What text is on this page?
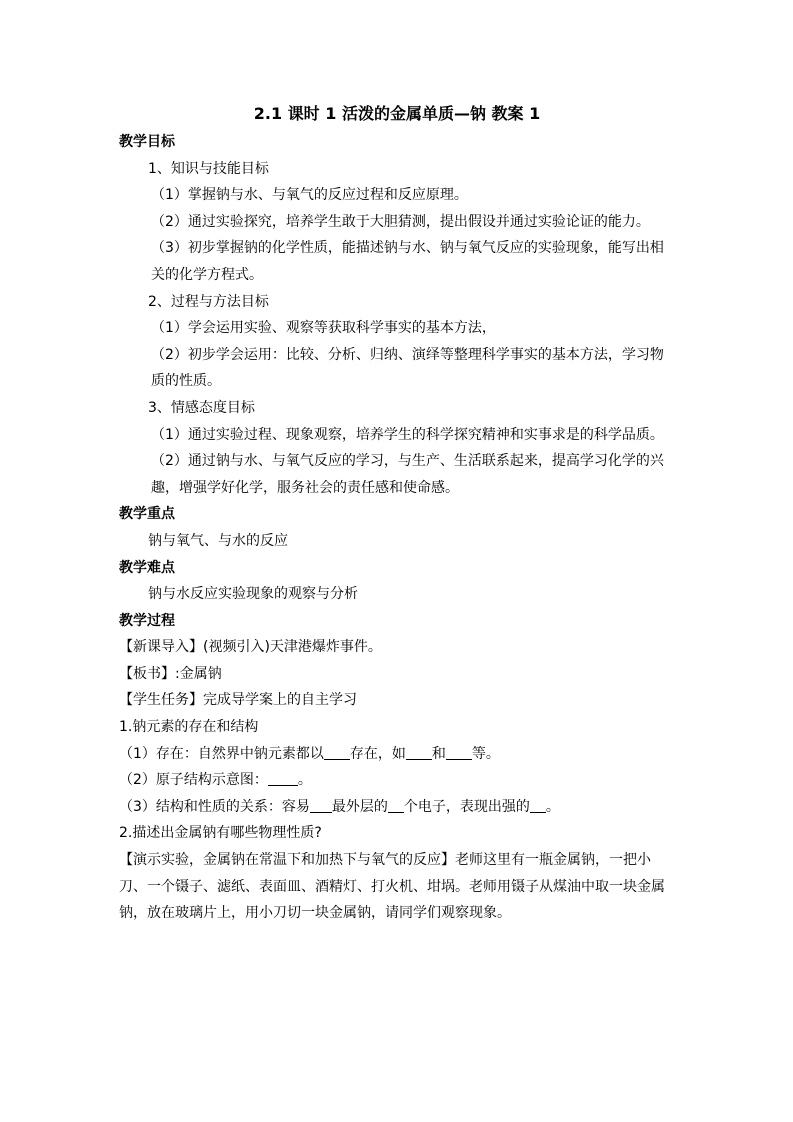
2.1 课时 1 活泼的金属单质—钠 教案 1
教学目标
1、知识与技能目标
（1）掌握钠与水、与氧气的反应过程和反应原理。
（2）通过实验探究，培养学生敢于大胆猜测，提出假设并通过实验论证的能力。
（3）初步掌握钠的化学性质，能描述钠与水、钠与氧气反应的实验现象，能写出相关的化学方程式。
2、过程与方法目标
（1）学会运用实验、观察等获取科学事实的基本方法，
（2）初步学会运用：比较、分析、归纳、演绎等整理科学事实的基本方法，学习物质的性质。
3、情感态度目标
（1）通过实验过程、现象观察，培养学生的科学探究精神和实事求是的科学品质。
（2）通过钠与水、与氧气反应的学习，与生产、生活联系起来，提高学习化学的兴趣，增强学好化学，服务社会的责任感和使命感。
教学重点
钠与氧气、与水的反应
教学难点
钠与水反应实验现象的观察与分析
教学过程
【新课导入】(视频引入)天津港爆炸事件。
【板书】:金属钠
【学生任务】完成导学案上的自主学习
1.钠元素的存在和结构
（1）存在：自然界中钠元素都以 存在，如 和 等。
（2）原子结构示意图： 。
（3）结构和性质的关系：容易 最外层的 个电子，表现出强的 。
2.描述出金属钠有哪些物理性质?
【演示实验，金属钠在常温下和加热下与氧气的反应】老师这里有一瓶金属钠，一把小刀、一个镊子、滤纸、表面皿、酒精灯、打火机、坩埚。老师用镊子从煤油中取一块金属钠，放在玻璃片上，用小刀切一块金属钠，请同学们观察现象。
